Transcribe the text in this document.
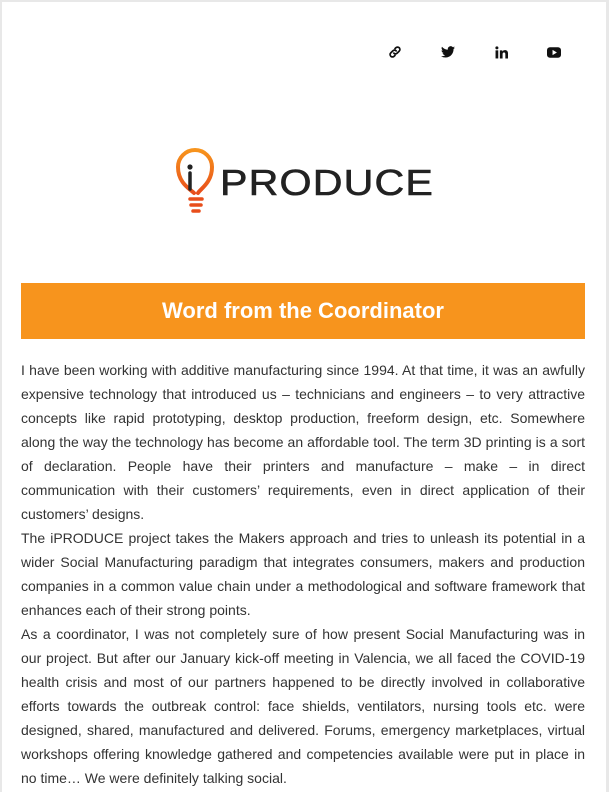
PRODUCE
Word from the Coordinator

I have been working with additive manufacturing since 1994. At that time, it was an awfully expensive technology that introduced us – technicians and engineers – to very attractive concepts like rapid prototyping, desktop production, freeform design, etc. Somewhere along the way the technology has become an affordable tool. The term 3D printing is a sort of declaration. People have their printers and manufacture – make – in direct communication with their customers’ requirements, even in direct application of their customers’ designs.

The iPRODUCE project takes the Makers approach and tries to unleash its potential in a wider Social Manufacturing paradigm that integrates consumers, makers and production companies in a common value chain under a methodological and software framework that enhances each of their strong points.

As a coordinator, I was not completely sure of how present Social Manufacturing was in our project. But after our January kick-off meeting in Valencia, we all faced the COVID-19 health crisis and most of our partners happened to be directly involved in collaborative efforts towards the outbreak control: face shields, ventilators, nursing tools etc. were designed, shared, manufactured and delivered. Forums, emergency marketplaces, virtual workshops offering knowledge gathered and competencies available were put in place in no time… We were definitely talking social.
